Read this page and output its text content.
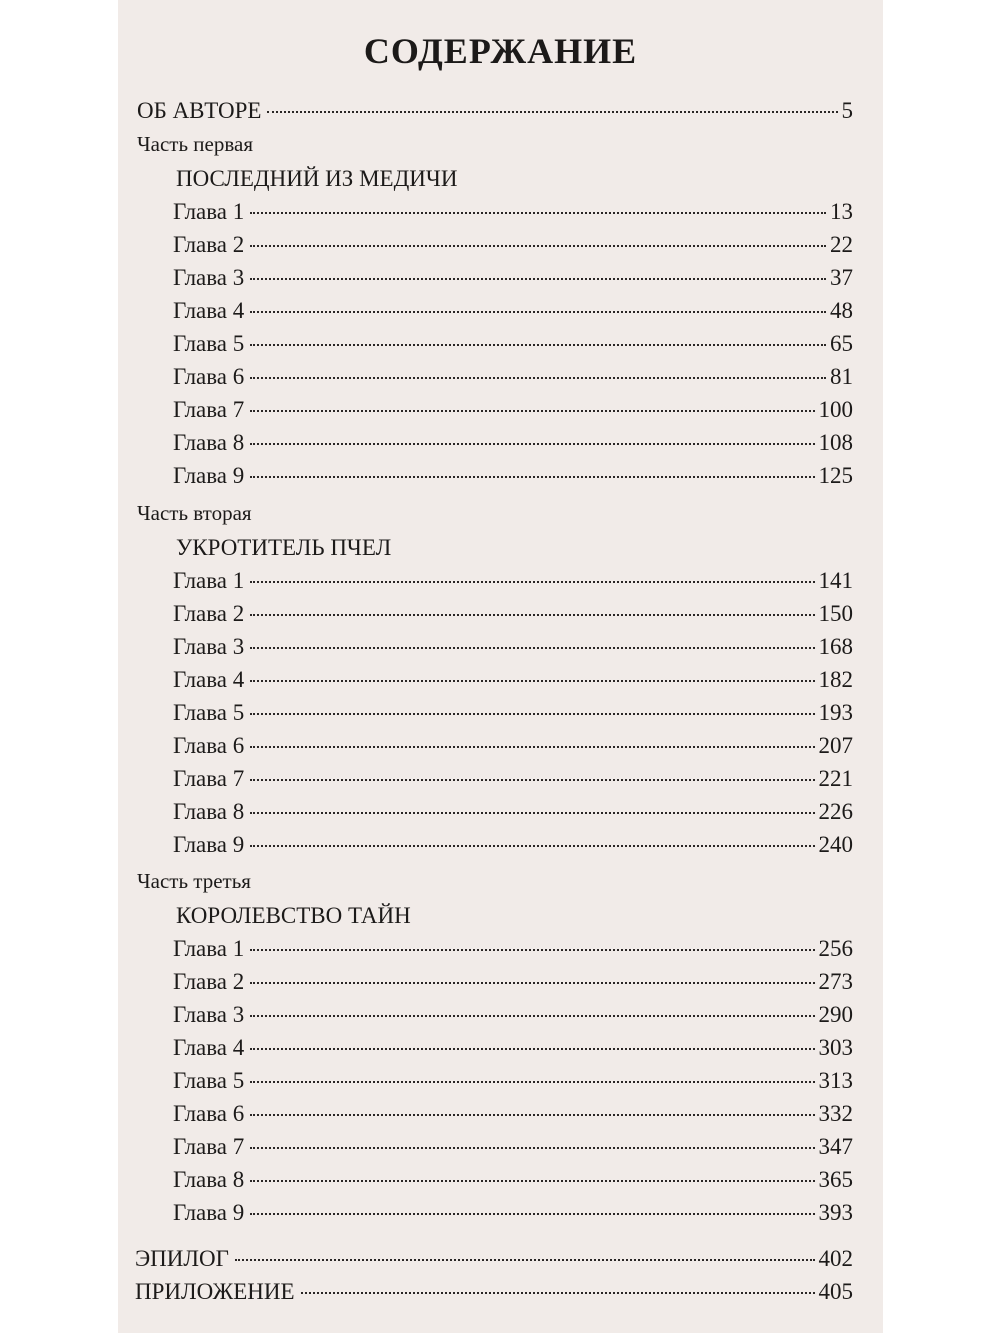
СОДЕРЖАНИЕ
ОБ АВТОРЕ	5
Часть первая
ПОСЛЕДНИЙ ИЗ МЕДИЧИ
Глава 1	13
Глава 2	22
Глава 3	37
Глава 4	48
Глава 5	65
Глава 6	81
Глава 7	100
Глава 8	108
Глава 9	125
Часть вторая
УКРОТИТЕЛЬ ПЧЕЛ
Глава 1	141
Глава 2	150
Глава 3	168
Глава 4	182
Глава 5	193
Глава 6	207
Глава 7	221
Глава 8	226
Глава 9	240
Часть третья
КОРОЛЕВСТВО ТАЙН
Глава 1	256
Глава 2	273
Глава 3	290
Глава 4	303
Глава 5	313
Глава 6	332
Глава 7	347
Глава 8	365
Глава 9	393
ЭПИЛОГ	402
ПРИЛОЖЕНИЕ	405
